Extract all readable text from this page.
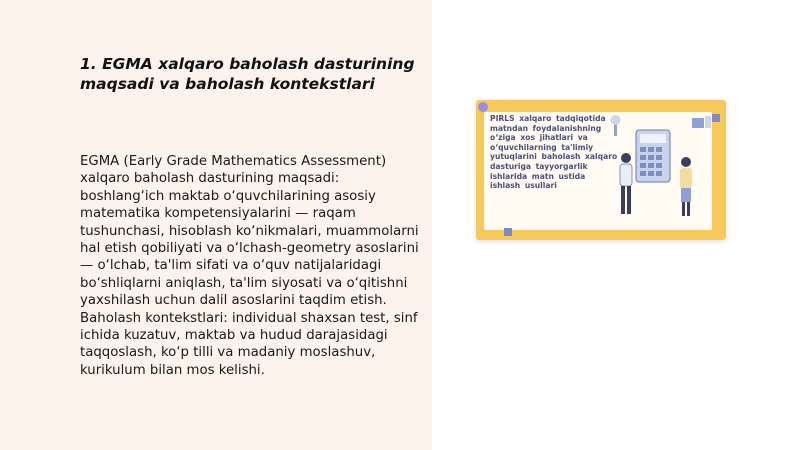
1. EGMA xalqaro baholash dasturining maqsadi va baholash kontekstlari

EGMA (Early Grade Mathematics Assessment) xalqaro baholash dasturining maqsadi: boshlang‘ich maktab o‘quvchilarining asosiy matematika kompetensiyalarini — raqam tushunchasi, hisoblash ko‘nikmalari, muammolarni hal etish qobiliyati va o‘lchash-geometry asoslarini — o‘lchab, ta'lim sifati va o‘quv natijalaridagi bo‘shliqlarni aniqlash, ta'lim siyosati va o‘qitishni yaxshilash uchun dalil asoslarini taqdim etish. Baholash kontekstlari: individual shaxsan test, sinf ichida kuzatuv, maktab va hudud darajasidagi taqqoslash, ko‘p tilli va madaniy moslashuv, kurikulum bilan mos kelishi.

PIRLS xalqaro tadqiqotida matndan foydalanishning o‘ziga xos jihatlari va o‘quvchilarning ta'limiy yutuqlarini baholash xalqaro dasturiga tayyorgarlik ishlarida matn ustida ishlash usullari
